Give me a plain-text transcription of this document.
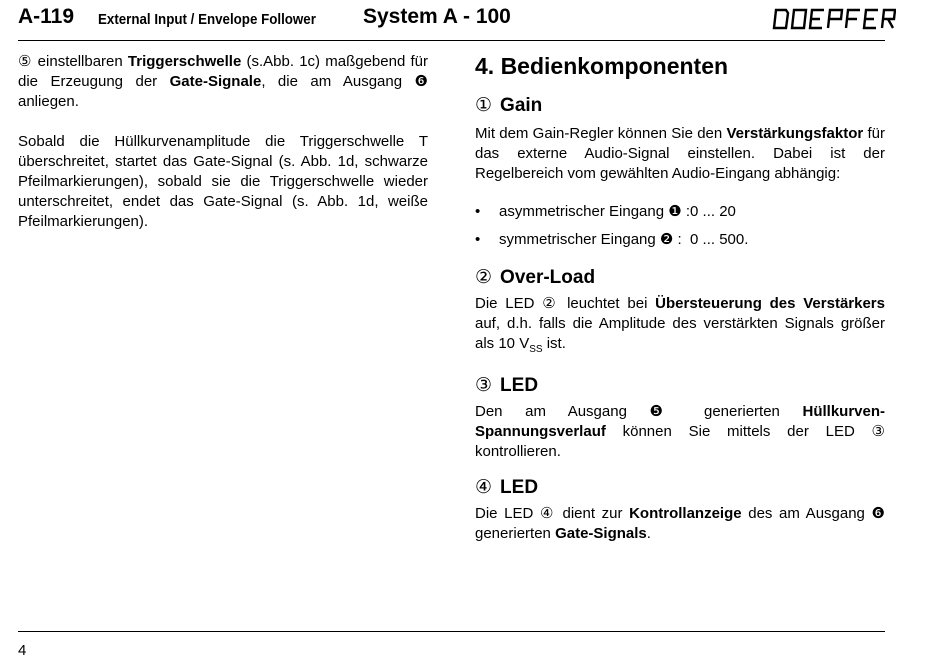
A-119 External Input / Envelope Follower System A - 100

⑤ einstellbaren Triggerschwelle (s.Abb. 1c) maßgebend für die Erzeugung der Gate-Signale, die am Ausgang ❻ anliegen.

Sobald die Hüllkurvenamplitude die Triggerschwelle T überschreitet, startet das Gate-Signal (s. Abb. 1d, schwarze Pfeilmarkierungen), sobald sie die Triggerschwelle wieder unterschreitet, endet das Gate-Signal (s. Abb. 1d, weiße Pfeilmarkierungen).

4. Bedienkomponenten
① Gain

Mit dem Gain-Regler können Sie den Verstärkungsfaktor für das externe Audio-Signal einstellen. Dabei ist der Regelbereich vom gewählten Audio-Eingang abhängig:

• asymmetrischer Eingang ❶ :0 ... 20
• symmetrischer Eingang ❷ :  0 ... 500.
② Over-Load

Die LED ② leuchtet bei Übersteuerung des Verstärkers auf, d.h. falls die Amplitude des verstärkten Signals größer als 10 $V_{SS}$ ist.

③ LED

Den am Ausgang ❺ generierten Hüllkurven-Spannungsverlauf können Sie mittels der LED ③ kontrollieren.

④ LED

Die LED ④ dient zur Kontrollanzeige des am Ausgang ❻ generierten Gate-Signals.

4
